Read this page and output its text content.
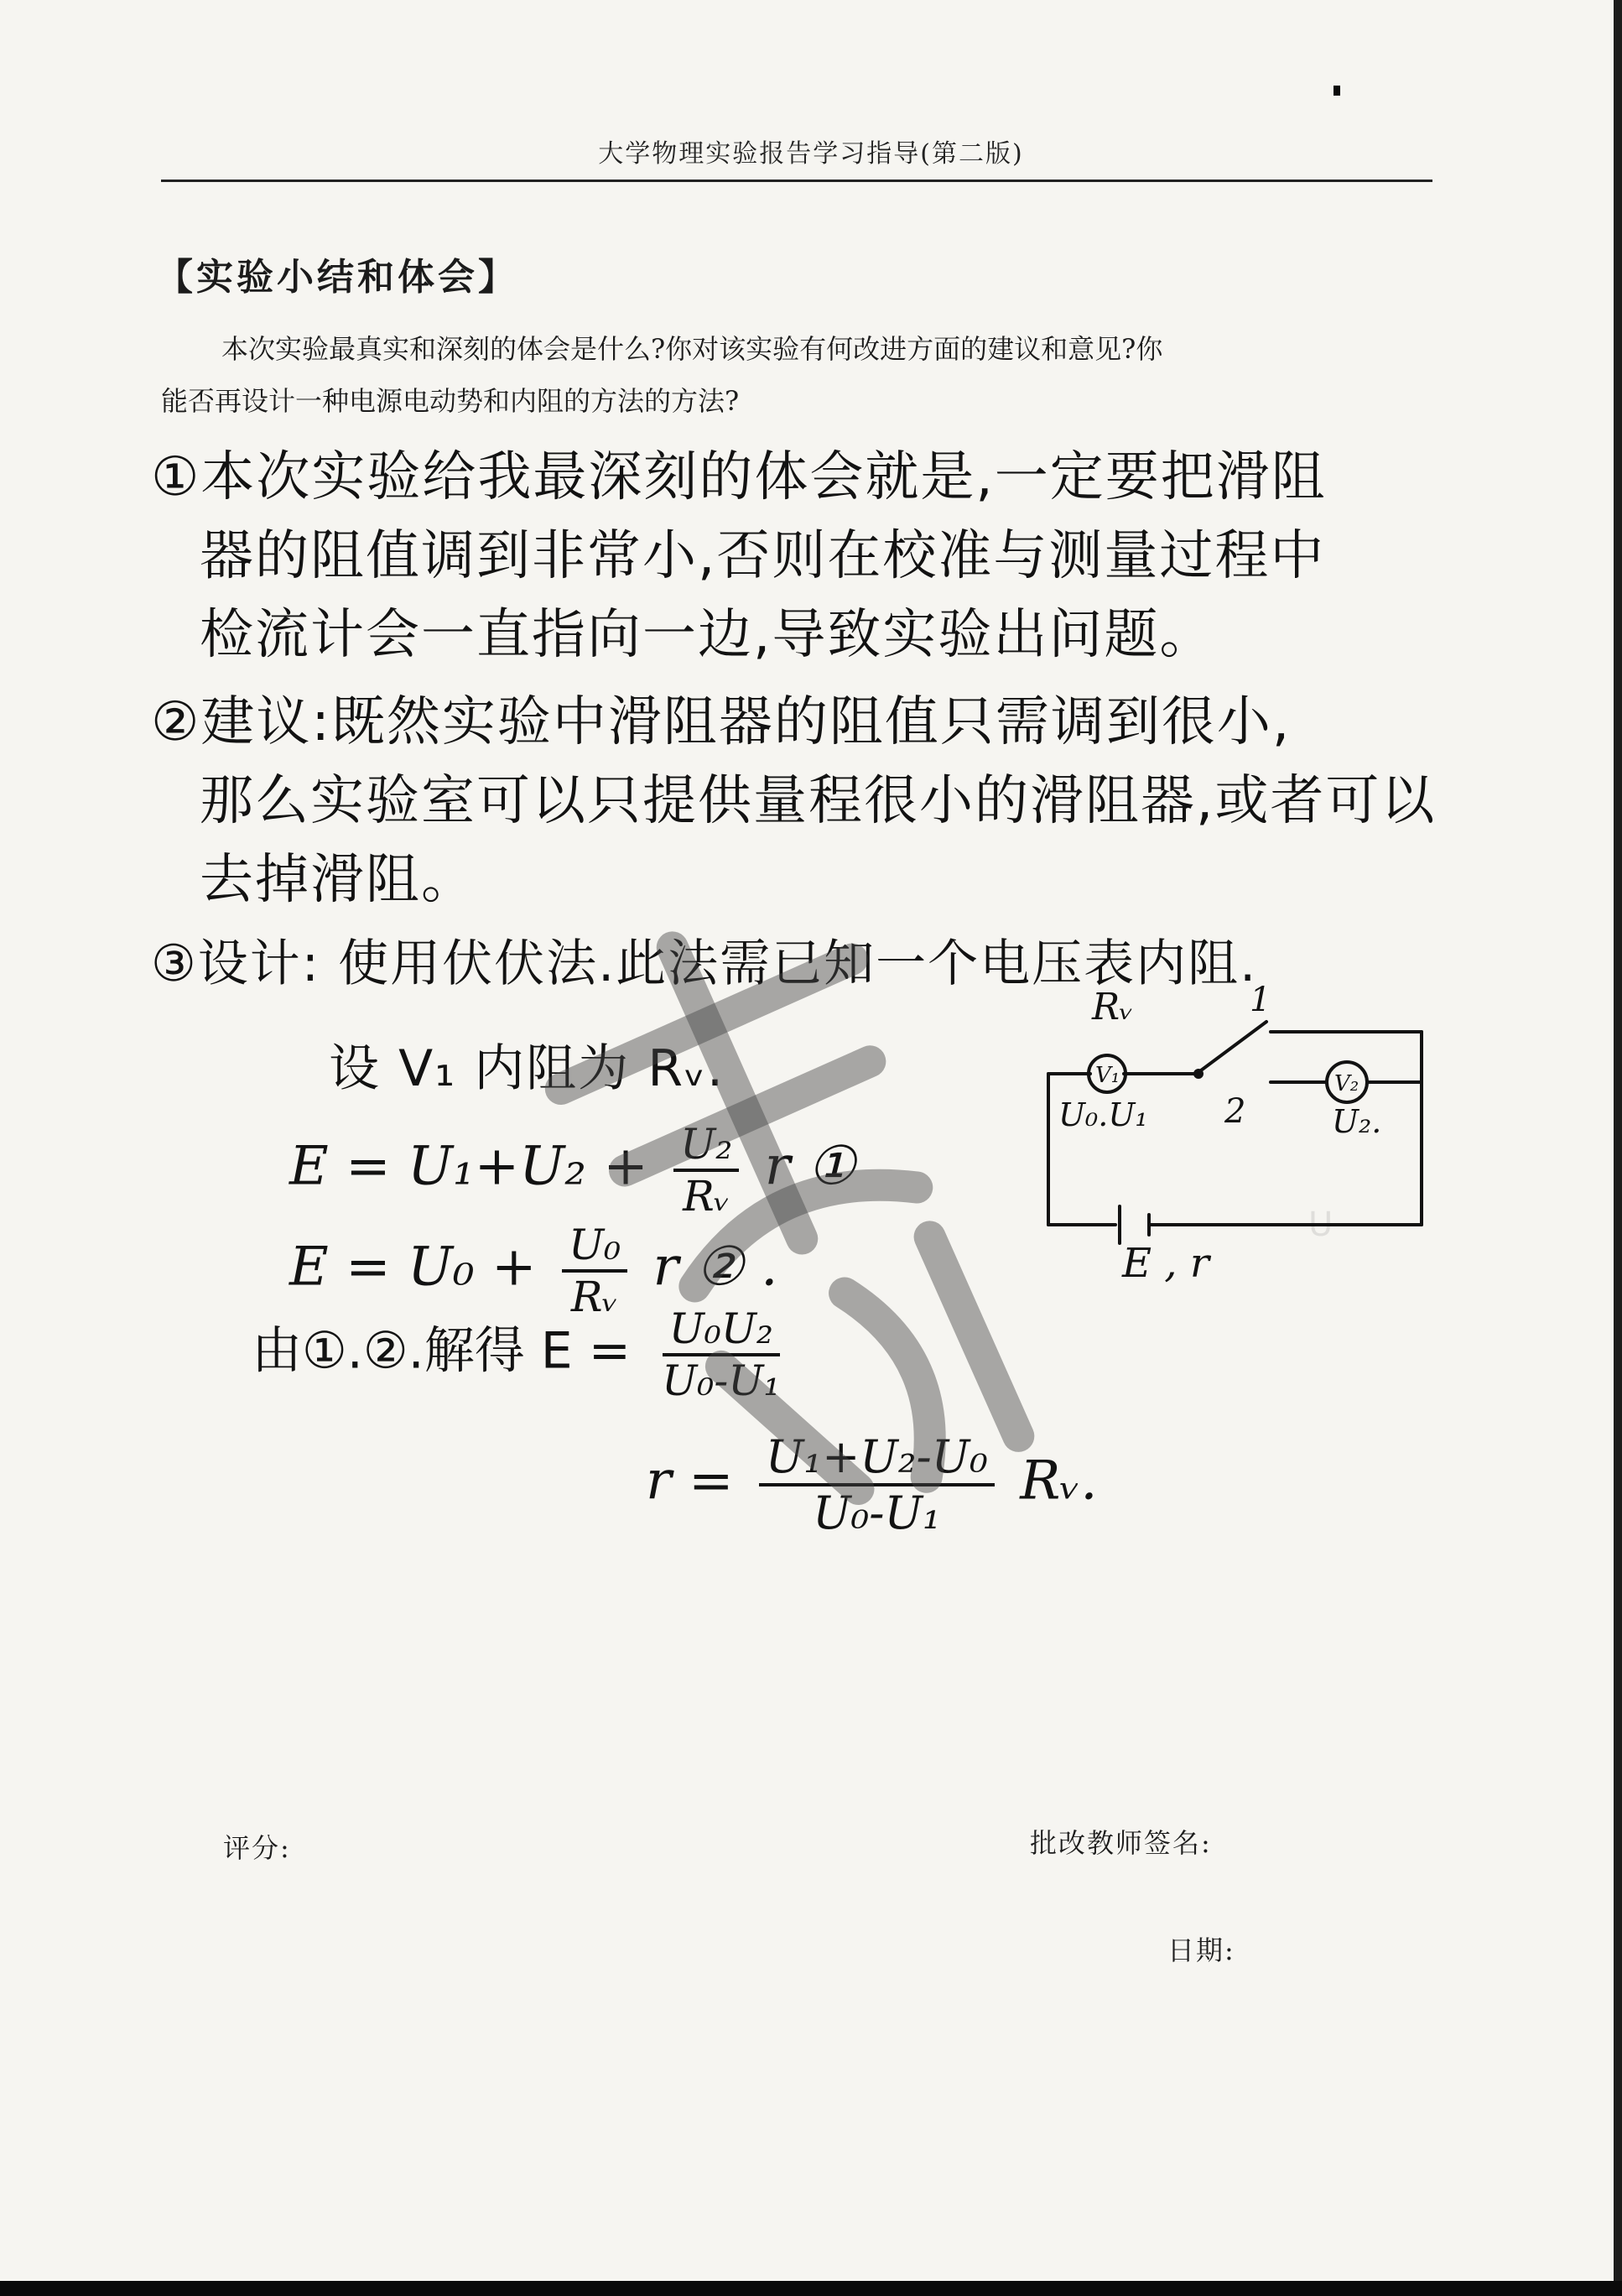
U

大学物理实验报告学习指导(第二版)
【实验小结和体会】
本次实验最真实和深刻的体会是什么?你对该实验有何改进方面的建议和意见?你
能否再设计一种电源电动势和内阻的方法的方法?
①本次实验给我最深刻的体会就是,一定要把滑阻
器的阻值调到非常小,否则在校准与测量过程中
检流计会一直指向一边,导致实验出问题。
②建议:既然实验中滑阻器的阻值只需调到很小,
那么实验室可以只提供量程很小的滑阻器,或者可以
去掉滑阻。
③设计: 使用伏伏法.此法需已知一个电压表内阻.
设 V₁ 内阻为 Rᵥ.
$E = U_1+U_2 + \frac{\text{U₂}}{\text{Rᵥ}}$ r ①
$E = U_0 + \frac{\text{U₀}}{\text{Rᵥ}}$ r ② .
由①.②.解得 $E = \frac{\text{U₀U₂}}{\text{U₀-U₁}}$
$r = \frac{\text{U₁+U₂-U₀}}{\text{U₀-U₁}}$ Rᵥ.
Rᵥ
V₁	V₂
1
2
U₀.U₁	U₂.
E , r
评分:	批改教师签名:
日期:
